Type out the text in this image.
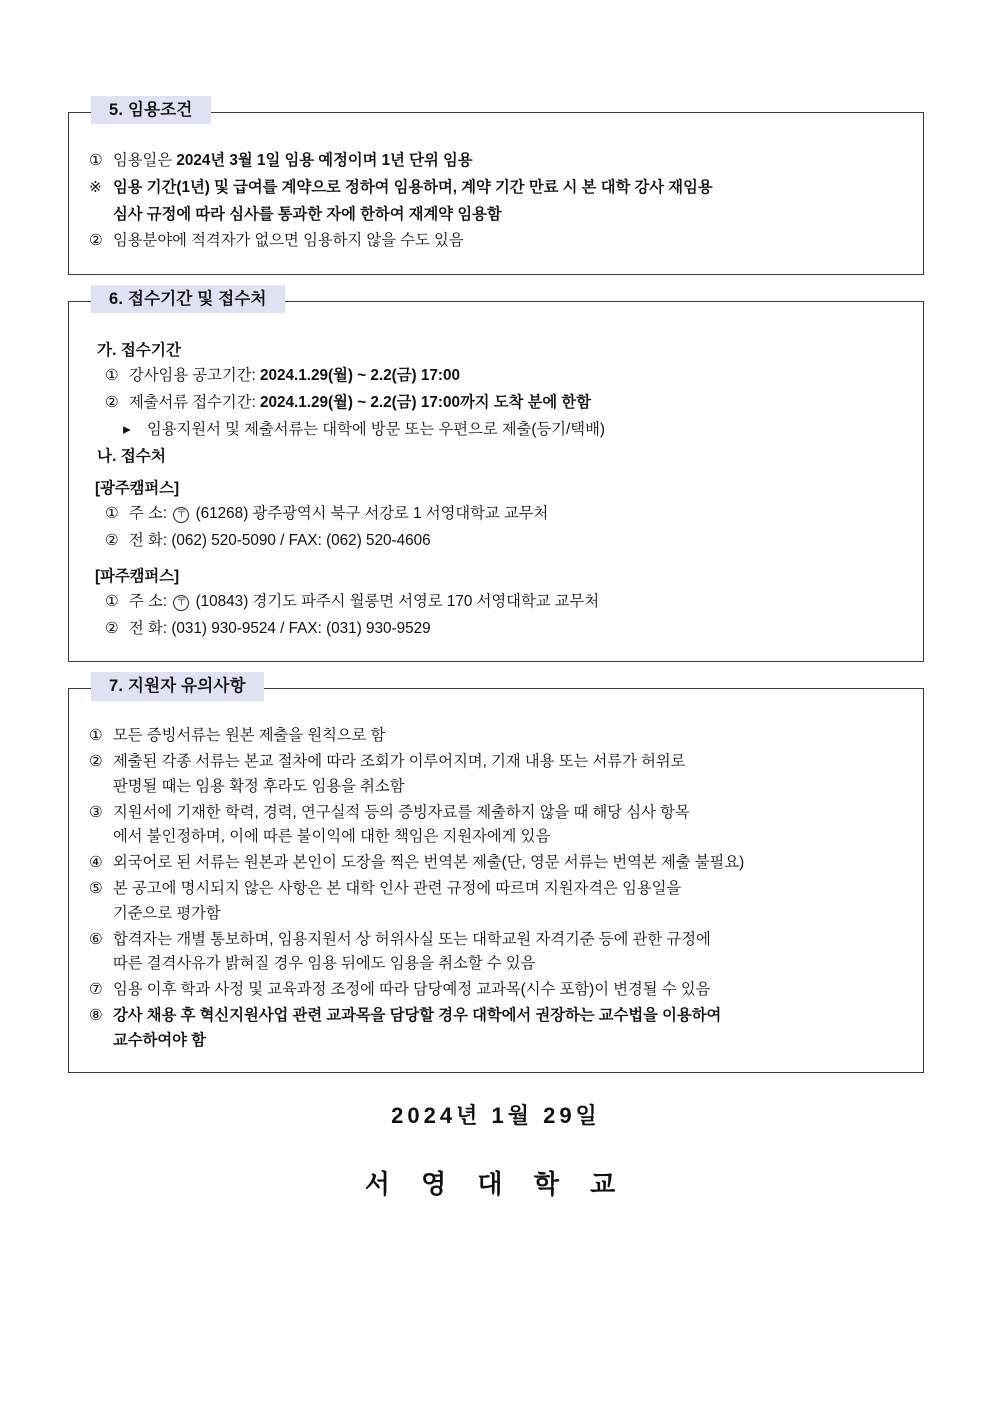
5. 임용조건
① 임용일은 2024년 3월 1일 임용 예정이며 1년 단위 임용
※ 임용 기간(1년) 및 급여를 계약으로 정하여 임용하며, 계약 기간 만료 시 본 대학 강사 재임용
심사 규정에 따라 심사를 통과한 자에 한하여 재계약 임용함
② 임용분야에 적격자가 없으면 임용하지 않을 수도 있음
6. 접수기간 및 접수처
가. 접수기간
① 강사임용 공고기간: 2024.1.29(월) ~ 2.2(금) 17:00
② 제출서류 접수기간: 2024.1.29(월) ~ 2.2(금) 17:00까지 도착 분에 한함
▸	임용지원서 및 제출서류는 대학에 방문 또는 우편으로 제출(등기/택배)
나. 접수처
[광주캠퍼스]
① 주 소: 〒 (61268) 광주광역시 북구 서강로 1 서영대학교 교무처
② 전 화: (062) 520-5090 / FAX: (062) 520-4606
[파주캠퍼스]
① 주 소: 〒 (10843) 경기도 파주시 월롱면 서영로 170 서영대학교 교무처
② 전 화: (031) 930-9524 / FAX: (031) 930-9529
7. 지원자 유의사항
① 모든 증빙서류는 원본 제출을 원칙으로 함
② 제출된 각종 서류는 본교 절차에 따라 조회가 이루어지며, 기재 내용 또는 서류가 허위로
판명될 때는 임용 확정 후라도 임용을 취소함
③ 지원서에 기재한 학력, 경력, 연구실적 등의 증빙자료를 제출하지 않을 때 해당 심사 항목
에서 불인정하며, 이에 따른 불이익에 대한 책임은 지원자에게 있음
④ 외국어로 된 서류는 원본과 본인이 도장을 찍은 번역본 제출(단, 영문 서류는 번역본 제출 불필요)
⑤ 본 공고에 명시되지 않은 사항은 본 대학 인사 관련 규정에 따르며 지원자격은 임용일을
기준으로 평가함
⑥ 합격자는 개별 통보하며, 임용지원서 상 허위사실 또는 대학교원 자격기준 등에 관한 규정에
따른 결격사유가 밝혀질 경우 임용 뒤에도 임용을 취소할 수 있음
⑦ 임용 이후 학과 사정 및 교육과정 조정에 따라 담당예정 교과목(시수 포함)이 변경될 수 있음
⑧ 강사 채용 후 혁신지원사업 관련 교과목을 담당할 경우 대학에서 권장하는 교수법을 이용하여
교수하여야 함
2024년 1월 29일
서 영 대 학 교
